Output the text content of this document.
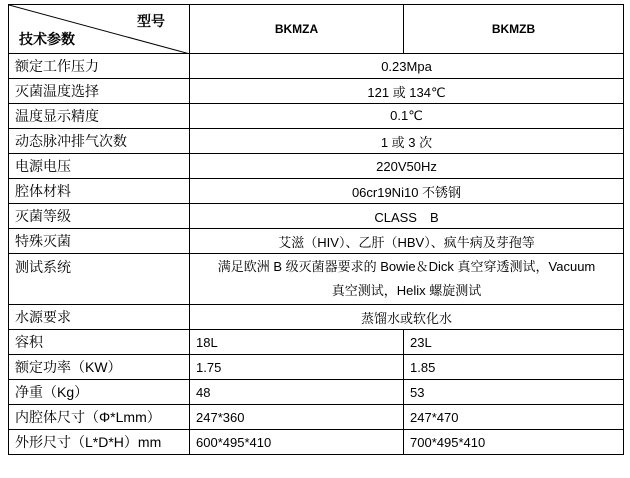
型号
技术参数	BKMZA	BKMZB
额定工作压力	0.23Mpa	
灭菌温度选择	121 或 134℃	
温度显示精度	0.1℃	
动态脉冲排气次数	1 或 3 次	
电源电压	220V50Hz	
腔体材料	06cr19Ni10 不锈钢	
灭菌等级	CLASS　B	
特殊灭菌	艾滋（HIV）、乙肝（HBV）、疯牛病及芽孢等	
测试系统	满足欧洲 B 级灭菌器要求的 Bowie＆Dick 真空穿透测试，Vacuum
真空测试，Helix 螺旋测试	

水源要求	蒸馏水或软化水	
容积	18L	23L
额定功率（KW）	1.75	1.85
净重（Kg）	48	53
内腔体尺寸（Φ*Lmm）	247*360	247*470
外形尺寸（L*D*H）mm	600*495*410	700*495*410
